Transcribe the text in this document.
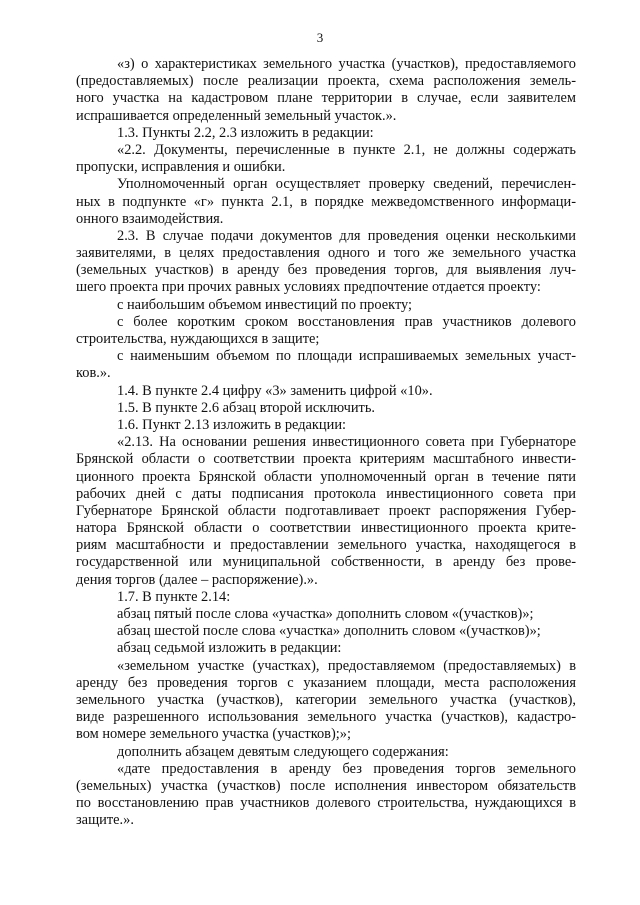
3
«з) о характеристиках земельного участка (участков), предоставляемого
(предоставляемых) после реализации проекта, схема расположения земель-
ного участка на кадастровом плане территории в случае, если заявителем
испрашивается определенный земельный участок.».
1.3. Пункты 2.2, 2.3 изложить в редакции:
«2.2. Документы, перечисленные в пункте 2.1, не должны содержать
пропуски, исправления и ошибки.
Уполномоченный орган осуществляет проверку сведений, перечислен-
ных в подпункте «г» пункта 2.1, в порядке межведомственного информаци-
онного взаимодействия.
2.3. В случае подачи документов для проведения оценки несколькими
заявителями, в целях предоставления одного и того же земельного участка
(земельных участков) в аренду без проведения торгов, для выявления луч-
шего проекта при прочих равных условиях предпочтение отдается проекту:
с наибольшим объемом инвестиций по проекту;
с более коротким сроком восстановления прав участников долевого
строительства, нуждающихся в защите;
с наименьшим объемом по площади испрашиваемых земельных участ-
ков.».
1.4. В пункте 2.4 цифру «3» заменить цифрой «10».
1.5. В пункте 2.6 абзац второй исключить.
1.6. Пункт 2.13 изложить в редакции:
«2.13. На основании решения инвестиционного совета при Губернаторе
Брянской области о соответствии проекта критериям масштабного инвести-
ционного проекта Брянской области уполномоченный орган в течение пяти
рабочих дней с даты подписания протокола инвестиционного совета при
Губернаторе Брянской области подготавливает проект распоряжения Губер-
натора Брянской области о соответствии инвестиционного проекта крите-
риям масштабности и предоставлении земельного участка, находящегося в
государственной или муниципальной собственности, в аренду без прове-
дения торгов (далее – распоряжение).».
1.7. В пункте 2.14:
абзац пятый после слова «участка» дополнить словом «(участков)»;
абзац шестой после слова «участка» дополнить словом «(участков)»;
абзац седьмой изложить в редакции:
«земельном участке (участках), предоставляемом (предоставляемых) в
аренду без проведения торгов с указанием площади, места расположения
земельного участка (участков), категории земельного участка (участков),
виде разрешенного использования земельного участка (участков), кадастро-
вом номере земельного участка (участков);»;
дополнить абзацем девятым следующего содержания:
«дате предоставления в аренду без проведения торгов земельного
(земельных) участка (участков) после исполнения инвестором обязательств
по восстановлению прав участников долевого строительства, нуждающихся в
защите.».
